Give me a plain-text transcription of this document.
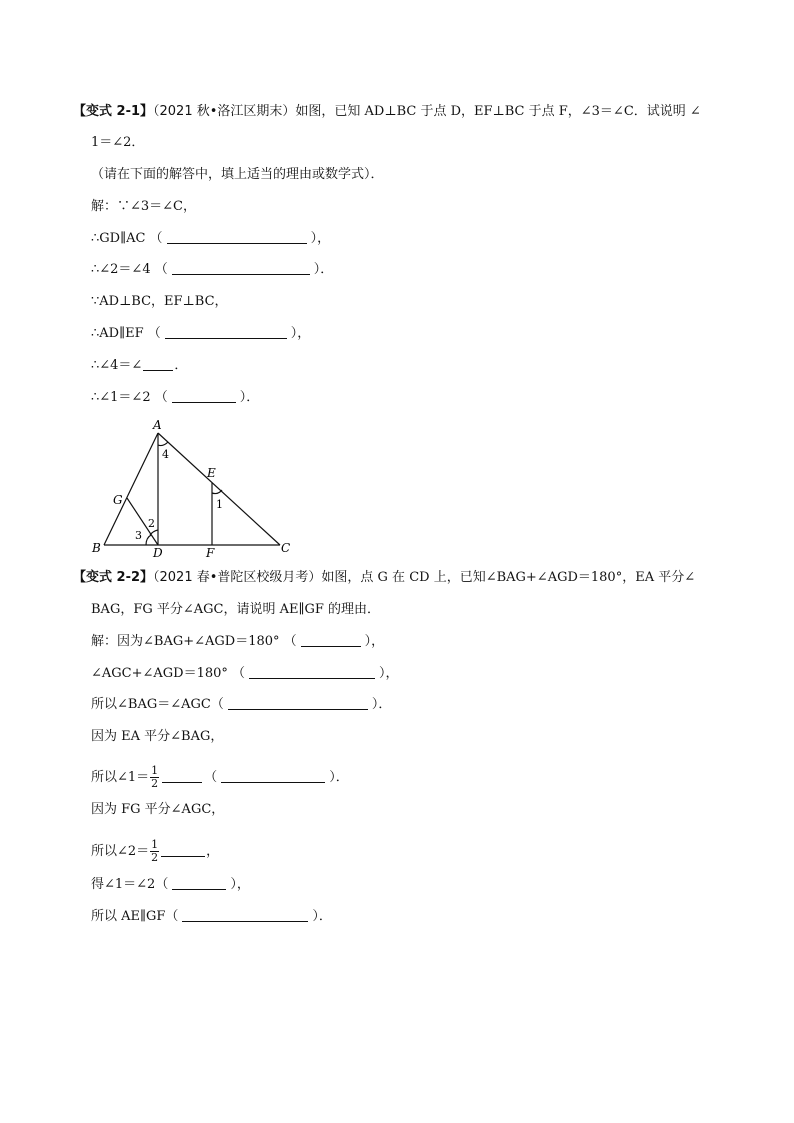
【变式 2-1】（2021 秋•洛江区期末）如图，已知 AD⊥BC 于点 D，EF⊥BC 于点 F，∠3＝∠C．试说明 ∠
1＝∠2．
（请在下面的解答中，填上适当的理由或数学式）．
解：∵∠3＝∠C，
∴GD∥AC （	），
∴∠2＝∠4 （	）．
∵AD⊥BC，EF⊥BC，
∴AD∥EF （	），
∴∠4＝∠ ．
∴∠1＝∠2 （	）．
A
B	C
D
E
F
G
4
1
2
3
【变式 2-2】（2021 春•普陀区校级月考）如图，点 G 在 CD 上，已知∠BAG+∠AGD＝180°，EA 平分∠
BAG，FG 平分∠AGC，请说明 AE∥GF 的理由．
解：因为∠BAG+∠AGD＝180° （	），
∠AGC+∠AGD＝180° （	），
所以∠BAG＝∠AGC（	）．
因为 EA 平分∠BAG，
所以∠1＝ $\frac{1}{2}$	（	）．
因为 FG 平分∠AGC，
所以∠2＝ $\frac{1}{2}$	，
得∠1＝∠2（	），
所以 AE∥GF（	）．
